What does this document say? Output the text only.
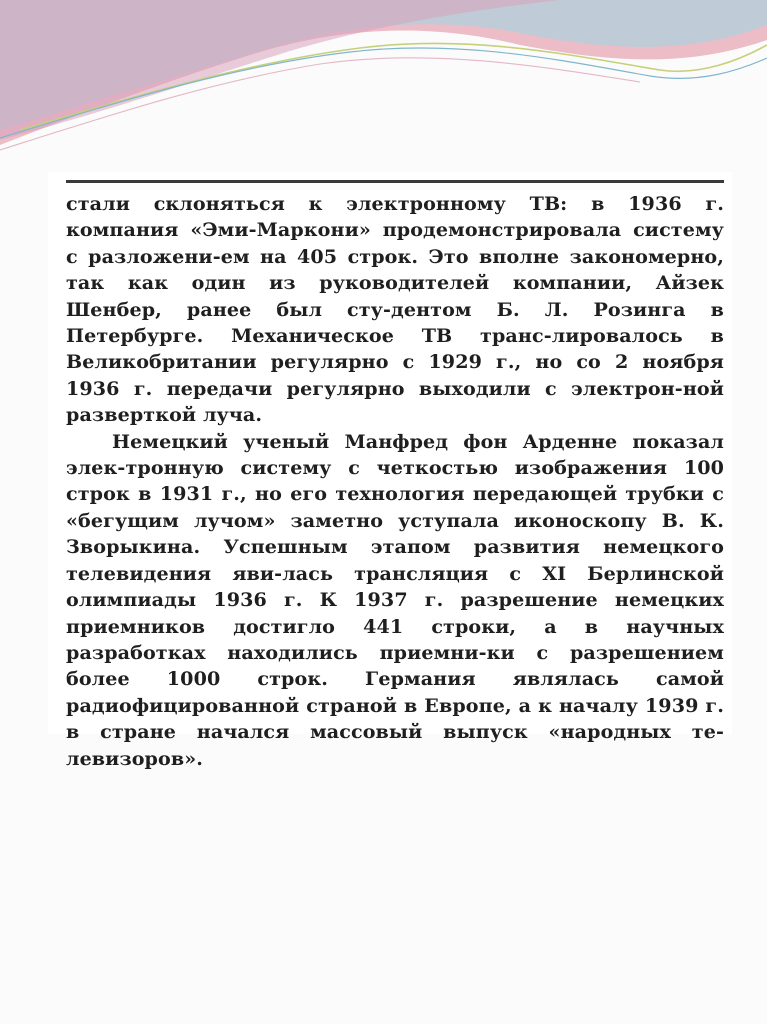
стали склоняться к электронному ТВ: в 1936 г. компания «Эми-Маркони» продемонстрировала систему с разложени-ем на 405 строк. Это вполне закономерно, так как один из руководителей компании, Айзек Шенбер, ранее был сту-дентом Б. Л. Розинга в Петербурге. Механическое ТВ транс-лировалось в Великобритании регулярно с 1929 г., но со 2 ноября 1936 г. передачи регулярно выходили с электрон-ной разверткой луча.

Немецкий ученый Манфред фон Арденне показал элек-тронную систему с четкостью изображения 100 строк в 1931 г., но его технология передающей трубки с «бегущим лучом» заметно уступала иконоскопу В. К. Зворыкина. Успешным этапом развития немецкого телевидения яви-лась трансляция с XI Берлинской олимпиады 1936 г. К 1937 г. разрешение немецких приемников достигло 441 строки, а в научных разработках находились приемни-ки с разрешением более 1000 строк. Германия являлась самой радиофицированной страной в Европе, а к началу 1939 г. в стране начался массовый выпуск «народных те-левизоров».
